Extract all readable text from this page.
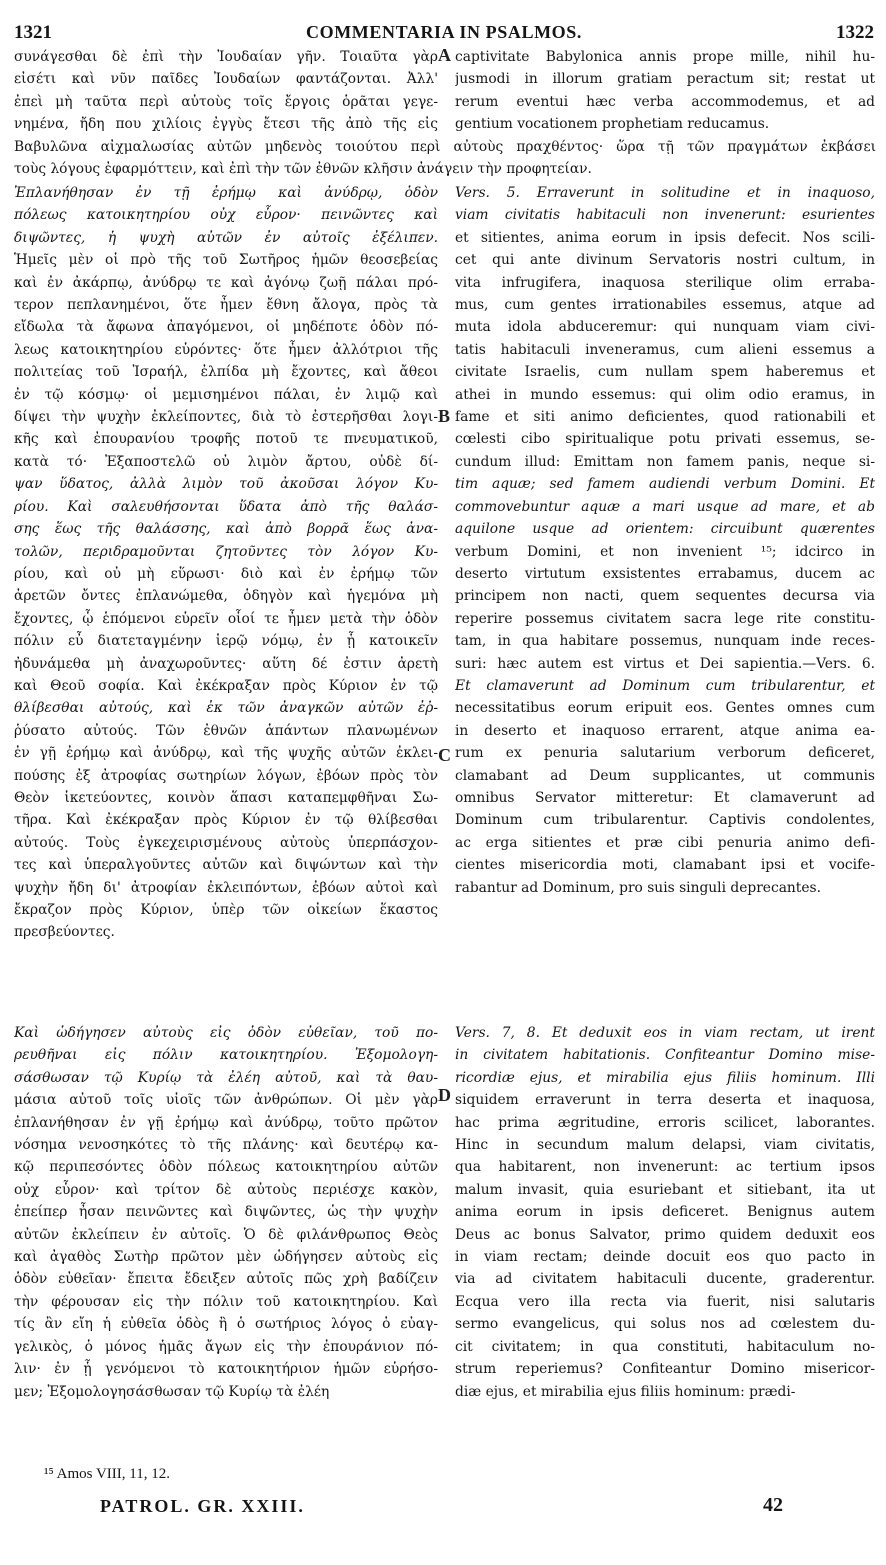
1321	COMMENTARIA IN PSALMOS.	1322
συνάγεσθαι δὲ ἐπὶ τὴν Ἰουδαίαν γῆν. Τοιαῦτα γὰρ
εἰσέτι καὶ νῦν παῖδες Ἰουδαίων φαντάζονται. Ἀλλ'
ἐπεὶ μὴ ταῦτα περὶ αὐτοὺς τοῖς ἔργοις ὁρᾶται γεγε-
νημένα, ἤδη που χιλίοις ἐγγὺς ἔτεσι τῆς ἀπὸ τῆς εἰς
Βαβυλῶνα αἰχμαλωσίας αὐτῶν μηδενὸς τοιούτου περὶ αὐτοὺς πραχθέντος· ὥρα τῇ τῶν πραγμάτων ἐκβάσει
τοὺς λόγους ἐφαρμόττειν, καὶ ἐπὶ τὴν τῶν ἐθνῶν κλῆσιν ἀνάγειν τὴν προφητείαν.
captivitate Babylonica annis prope mille, nihil hu-
jusmodi in illorum gratiam peractum sit; restat ut
rerum eventui hæc verba accommodemus, et ad
gentium vocationem prophetiam reducamus.
Ἐπλανήθησαν ἐν τῇ ἐρήμῳ καὶ ἀνύδρῳ, ὁδὸν
πόλεως κατοικητηρίου οὐχ εὗρον· πεινῶντες καὶ
διψῶντες, ἡ ψυχὴ αὐτῶν ἐν αὐτοῖς ἐξέλιπεν.
Ἡμεῖς μὲν οἱ πρὸ τῆς τοῦ Σωτῆρος ἡμῶν θεοσεβείας
καὶ ἐν ἀκάρπῳ, ἀνύδρῳ τε καὶ ἀγόνῳ ζωῇ πάλαι πρό-
τερον πεπλανημένοι, ὅτε ἦμεν ἔθνη ἄλογα, πρὸς τὰ
εἴδωλα τὰ ἄφωνα ἀπαγόμενοι, οἱ μηδέποτε ὁδὸν πό-
λεως κατοικητηρίου εὑρόντες· ὅτε ἦμεν ἀλλότριοι τῆς
πολιτείας τοῦ Ἰσραήλ, ἐλπίδα μὴ ἔχοντες, καὶ ἄθεοι
ἐν τῷ κόσμῳ· οἱ μεμισημένοι πάλαι, ἐν λιμῷ καὶ
δίψει τὴν ψυχὴν ἐκλείποντες, διὰ τὸ ἐστερῆσθαι λογι-
κῆς καὶ ἐπουρανίου τροφῆς ποτοῦ τε πνευματικοῦ,
κατὰ τό· Ἐξαποστελῶ οὐ λιμὸν ἄρτου, οὐδὲ δί-
ψαν ὕδατος, ἀλλὰ λιμὸν τοῦ ἀκοῦσαι λόγον Κυ-
ρίου. Καὶ σαλευθήσονται ὕδατα ἀπὸ τῆς θαλάσ-
σης ἕως τῆς θαλάσσης, καὶ ἀπὸ βορρᾶ ἕως ἀνα-
τολῶν, περιδραμοῦνται ζητοῦντες τὸν λόγον Κυ-
ρίου, καὶ οὐ μὴ εὕρωσι· διὸ καὶ ἐν ἐρήμῳ τῶν
ἀρετῶν ὄντες ἐπλανώμεθα, ὁδηγὸν καὶ ἡγεμόνα μὴ
ἔχοντες, ᾧ ἑπόμενοι εὑρεῖν οἷοί τε ἦμεν μετὰ τὴν ὁδὸν
πόλιν εὖ διατεταγμένην ἱερῷ νόμῳ, ἐν ᾗ κατοικεῖν
ἠδυνάμεθα μὴ ἀναχωροῦντες· αὕτη δέ ἐστιν ἀρετὴ
καὶ Θεοῦ σοφία. Καὶ ἐκέκραξαν πρὸς Κύριον ἐν τῷ
θλίβεσθαι αὐτούς, καὶ ἐκ τῶν ἀναγκῶν αὐτῶν ἐῤ-
ῥύσατο αὐτούς. Τῶν ἐθνῶν ἁπάντων πλανωμένων
ἐν γῇ ἐρήμῳ καὶ ἀνύδρῳ, καὶ τῆς ψυχῆς αὐτῶν ἐκλει-
πούσης ἐξ ἀτροφίας σωτηρίων λόγων, ἐβόων πρὸς τὸν
Θεὸν ἱκετεύοντες, κοινὸν ἅπασι καταπεμφθῆναι Σω-
τῆρα. Καὶ ἐκέκραξαν πρὸς Κύριον ἐν τῷ θλίβεσθαι
αὐτούς. Τοὺς ἐγκεχειρισμένους αὐτοὺς ὑπερπάσχον-
τες καὶ ὑπεραλγοῦντες αὐτῶν καὶ διψώντων καὶ τὴν
ψυχὴν ἤδη δι' ἀτροφίαν ἐκλειπόντων, ἐβόων αὐτοὶ καὶ
ἔκραζον πρὸς Κύριον, ὑπὲρ τῶν οἰκείων ἕκαστος
πρεσβεύοντες.
Καὶ ὡδήγησεν αὐτοὺς εἰς ὁδὸν εὐθεῖαν, τοῦ πο-
ρευθῆναι εἰς πόλιν κατοικητηρίου. Ἐξομολογη-
σάσθωσαν τῷ Κυρίῳ τὰ ἐλέη αὐτοῦ, καὶ τὰ θαυ-
μάσια αὐτοῦ τοῖς υἱοῖς τῶν ἀνθρώπων. Οἱ μὲν γὰρ
ἐπλανήθησαν ἐν γῇ ἐρήμῳ καὶ ἀνύδρῳ, τοῦτο πρῶτον
νόσημα νενοσηκότες τὸ τῆς πλάνης· καὶ δευτέρῳ κα-
κῷ περιπεσόντες ὁδὸν πόλεως κατοικητηρίου αὐτῶν
οὐχ εὗρον· καὶ τρίτον δὲ αὐτοὺς περιέσχε κακὸν,
ἐπείπερ ἦσαν πεινῶντες καὶ διψῶντες, ὡς τὴν ψυχὴν
αὐτῶν ἐκλείπειν ἐν αὐτοῖς. Ὁ δὲ φιλάνθρωπος Θεὸς
καὶ ἀγαθὸς Σωτὴρ πρῶτον μὲν ὡδήγησεν αὐτοὺς εἰς
ὁδὸν εὐθεῖαν· ἔπειτα ἔδειξεν αὐτοῖς πῶς χρὴ βαδίζειν
τὴν φέρουσαν εἰς τὴν πόλιν τοῦ κατοικητηρίου. Καὶ
τίς ἂν εἴη ἡ εὐθεῖα ὁδὸς ἢ ὁ σωτήριος λόγος ὁ εὐαγ-
γελικὸς, ὁ μόνος ἡμᾶς ἄγων εἰς τὴν ἐπουράνιον πό-
λιν· ἐν ᾗ γενόμενοι τὸ κατοικητήριον ἡμῶν εὑρήσο-
μεν; Ἐξομολογησάσθωσαν τῷ Κυρίῳ τὰ ἐλέη
Vers. 5. Erraverunt in solitudine et in inaquoso,
viam civitatis habitaculi non invenerunt: esurientes
et sitientes, anima eorum in ipsis defecit. Nos scili-
cet qui ante divinum Servatoris nostri cultum, in
vita infrugifera, inaquosa sterilique olim erraba-
mus, cum gentes irrationabiles essemus, atque ad
muta idola abduceremur: qui nunquam viam civi-
tatis habitaculi inveneramus, cum alieni essemus a
civitate Israelis, cum nullam spem haberemus et
athei in mundo essemus: qui olim odio eramus, in
fame et siti animo deficientes, quod rationabili et
cœlesti cibo spiritualique potu privati essemus, se-
cundum illud: Emittam non famem panis, neque si-
tim aquæ; sed famem audiendi verbum Domini. Et
commovebuntur aquæ a mari usque ad mare, et ab
aquilone usque ad orientem: circuibunt quærentes
verbum Domini, et non invenient ¹⁵; idcirco in
deserto virtutum exsistentes errabamus, ducem ac
principem non nacti, quem sequentes decursa via
reperire possemus civitatem sacra lege rite constitu-
tam, in qua habitare possemus, nunquam inde reces-
suri: hæc autem est virtus et Dei sapientia.—Vers. 6.
Et clamaverunt ad Dominum cum tribularentur, et
necessitatibus eorum eripuit eos. Gentes omnes cum
in deserto et inaquoso errarent, atque anima ea-
rum ex penuria salutarium verborum deficeret,
clamabant ad Deum supplicantes, ut communis
omnibus Servator mitteretur: Et clamaverunt ad
Dominum cum tribularentur. Captivis condolentes,
ac erga sitientes et præ cibi penuria animo defi-
cientes misericordia moti, clamabant ipsi et vocife-
rabantur ad Dominum, pro suis singuli deprecantes.
Vers. 7, 8. Et deduxit eos in viam rectam, ut irent
in civitatem habitationis. Confiteantur Domino mise-
ricordiæ ejus, et mirabilia ejus filiis hominum. Illi
siquidem erraverunt in terra deserta et inaquosa,
hac prima ægritudine, erroris scilicet, laborantes.
Hinc in secundum malum delapsi, viam civitatis,
qua habitarent, non invenerunt: ac tertium ipsos
malum invasit, quia esuriebant et sitiebant, ita ut
anima eorum in ipsis deficeret. Benignus autem
Deus ac bonus Salvator, primo quidem deduxit eos
in viam rectam; deinde docuit eos quo pacto in
via ad civitatem habitaculi ducente, graderentur.
Ecqua vero illa recta via fuerit, nisi salutaris
sermo evangelicus, qui solus nos ad cœlestem du-
cit civitatem; in qua constituti, habitaculum no-
strum reperiemus? Confiteantur Domino misericor-
diæ ejus, et mirabilia ejus filiis hominum: prædi-
A
B
C
D
¹⁵ Amos VIII, 11, 12.
PATROL. GR. XXIII.	42
